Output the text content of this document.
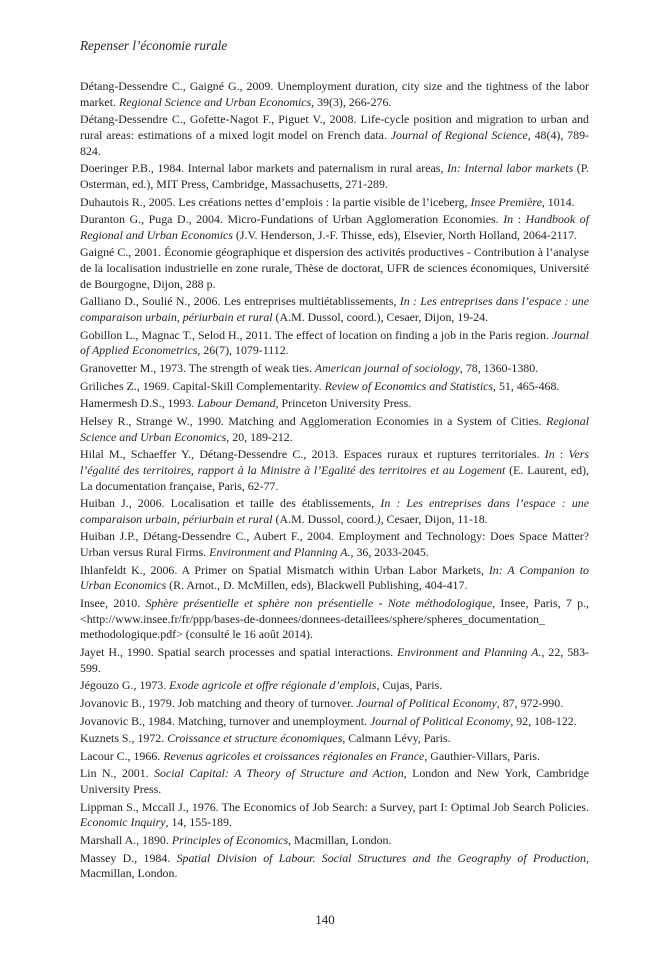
Repenser l’économie rurale

Détang-Dessendre C., Gaigné G., 2009. Unemployment duration, city size and the tightness of the labor market. Regional Science and Urban Economics, 39(3), 266-276.

Détang-Dessendre C., Gofette-Nagot F., Piguet V., 2008. Life-cycle position and migration to urban and rural areas: estimations of a mixed logit model on French data. Journal of Regional Science, 48(4), 789-824.

Doeringer P.B., 1984. Internal labor markets and paternalism in rural areas, In: Internal labor markets (P. Osterman, ed.), MIT Press, Cambridge, Massachusetts, 271-289.

Duhautois R., 2005. Les créations nettes d’emplois : la partie visible de l’iceberg, Insee Première, 1014.

Duranton G., Puga D., 2004. Micro-Fundations of Urban Agglomeration Economies. In : Handbook of Regional and Urban Economics (J.V. Henderson, J.-F. Thisse, eds), Elsevier, North Holland, 2064-2117.

Gaigné C., 2001. Économie géographique et dispersion des activités productives - Contribution à l’analyse de la localisation industrielle en zone rurale, Thèse de doctorat, UFR de sciences économiques, Université de Bourgogne, Dijon, 288 p.

Galliano D., Soulié N., 2006. Les entreprises multiétablissements, In : Les entreprises dans l’espace : une comparaison urbain, périurbain et rural (A.M. Dussol, coord.), Cesaer, Dijon, 19-24.

Gobillon L., Magnac T., Selod H., 2011. The effect of location on finding a job in the Paris region. Journal of Applied Econometrics, 26(7), 1079-1112.

Granovetter M., 1973. The strength of weak ties. American journal of sociology, 78, 1360-1380.

Griliches Z., 1969. Capital-Skill Complementarity. Review of Economics and Statistics, 51, 465-468.

Hamermesh D.S., 1993. Labour Demand, Princeton University Press.

Helsey R., Strange W., 1990. Matching and Agglomeration Economies in a System of Cities. Regional Science and Urban Economics, 20, 189-212.

Hilal M., Schaeffer Y., Détang-Dessendre C., 2013. Espaces ruraux et ruptures territoriales. In : Vers l’égalité des territoires, rapport à la Ministre à l’Egalité des territoires et au Logement (E. Laurent, ed), La documentation française, Paris, 62-77.

Huiban J., 2006. Localisation et taille des établissements, In : Les entreprises dans l’espace : une comparaison urbain, périurbain et rural (A.M. Dussol, coord.), Cesaer, Dijon, 11-18.

Huiban J.P., Détang-Dessendre C., Aubert F., 2004. Employment and Technology: Does Space Matter? Urban versus Rural Firms. Environment and Planning A., 36, 2033-2045.

Ihlanfeldt K., 2006. A Primer on Spatial Mismatch within Urban Labor Markets, In: A Companion to Urban Economics (R. Arnot., D. McMillen, eds), Blackwell Publishing, 404-417.

Insee, 2010. Sphère présentielle et sphère non présentielle - Note méthodologique, Insee, Paris, 7 p., <http://www.insee.fr/fr/ppp/bases-de-donnees/donnees-detaillees/sphere/spheres_documentation_ methodologique.pdf> (consulté le 16 août 2014).

Jayet H., 1990. Spatial search processes and spatial interactions. Environment and Planning A., 22, 583-599.

Jégouzo G., 1973. Exode agricole et offre régionale d’emplois, Cujas, Paris.

Jovanovic B., 1979. Job matching and theory of turnover. Journal of Political Economy, 87, 972-990.

Jovanovic B., 1984. Matching, turnover and unemployment. Journal of Political Economy, 92, 108-122.

Kuznets S., 1972. Croissance et structure économiques, Calmann Lévy, Paris.

Lacour C., 1966. Revenus agricoles et croissances régionales en France, Gauthier-Villars, Paris.

Lin N., 2001. Social Capital: A Theory of Structure and Action, London and New York, Cambridge University Press.

Lippman S., Mccall J., 1976. The Economics of Job Search: a Survey, part I: Optimal Job Search Policies. Economic Inquiry, 14, 155-189.

Marshall A., 1890. Principles of Economics, Macmillan, London.

Massey D., 1984. Spatial Division of Labour. Social Structures and the Geography of Production, Macmillan, London.

140
